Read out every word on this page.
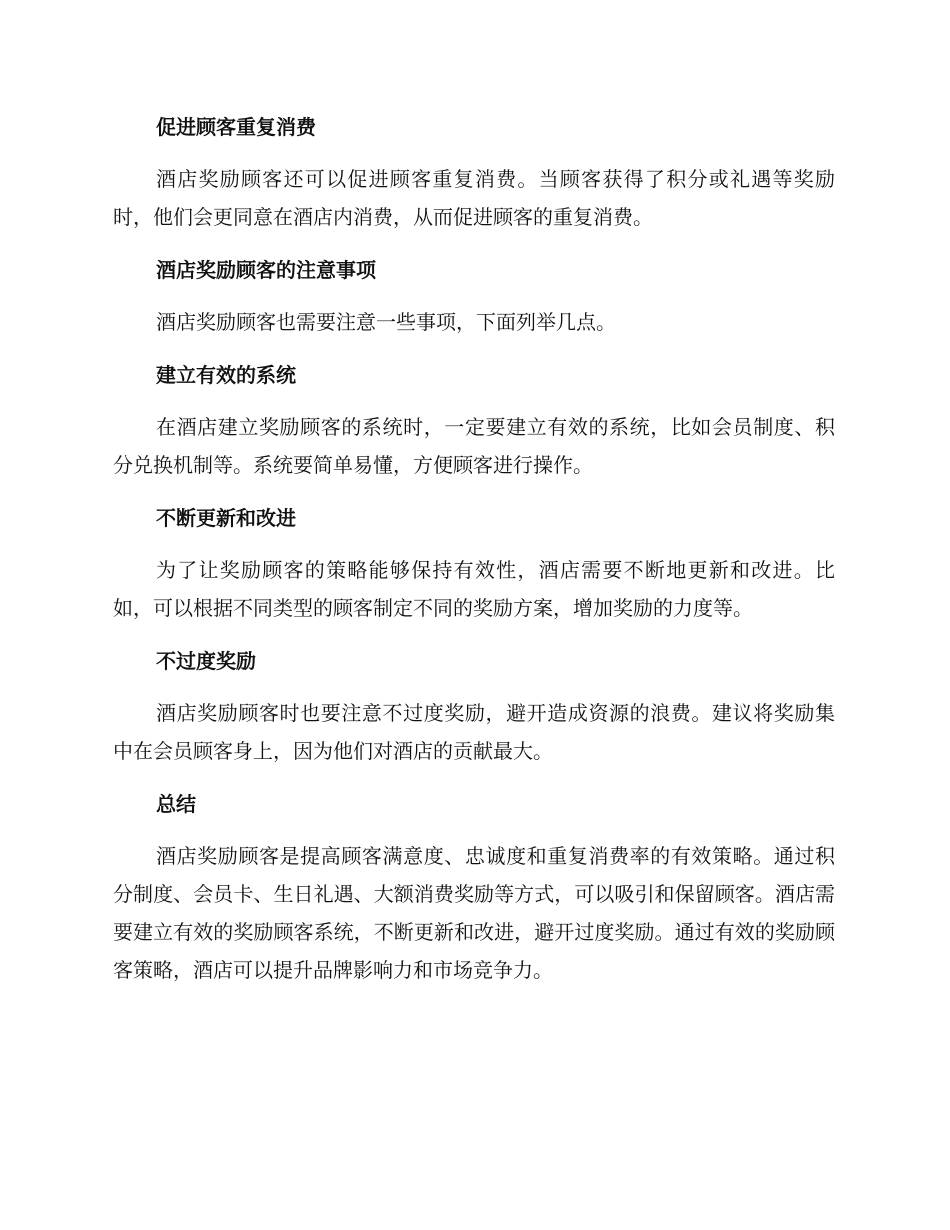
促进顾客重复消费

酒店奖励顾客还可以促进顾客重复消费。当顾客获得了积分或礼遇等奖励时，他们会更同意在酒店内消费，从而促进顾客的重复消费。

酒店奖励顾客的注意事项

酒店奖励顾客也需要注意一些事项，下面列举几点。

建立有效的系统

在酒店建立奖励顾客的系统时，一定要建立有效的系统，比如会员制度、积分兑换机制等。系统要简单易懂，方便顾客进行操作。

不断更新和改进

为了让奖励顾客的策略能够保持有效性，酒店需要不断地更新和改进。比如，可以根据不同类型的顾客制定不同的奖励方案，增加奖励的力度等。

不过度奖励

酒店奖励顾客时也要注意不过度奖励，避开造成资源的浪费。建议将奖励集中在会员顾客身上，因为他们对酒店的贡献最大。

总结

酒店奖励顾客是提高顾客满意度、忠诚度和重复消费率的有效策略。通过积分制度、会员卡、生日礼遇、大额消费奖励等方式，可以吸引和保留顾客。酒店需要建立有效的奖励顾客系统，不断更新和改进，避开过度奖励。通过有效的奖励顾客策略，酒店可以提升品牌影响力和市场竞争力。
